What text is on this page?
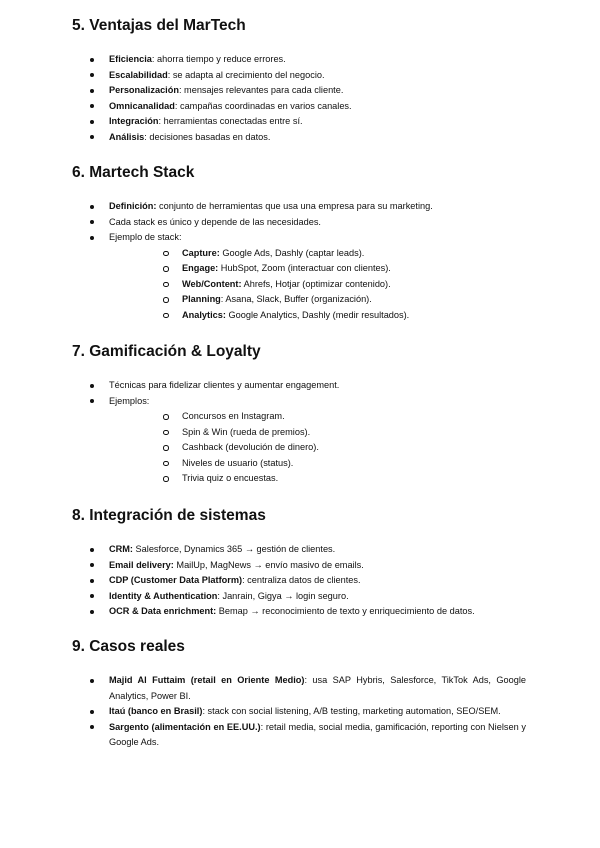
5. Ventajas del MarTech
Eficiencia: ahorra tiempo y reduce errores.
Escalabilidad: se adapta al crecimiento del negocio.
Personalización: mensajes relevantes para cada cliente.
Omnicanalidad: campañas coordinadas en varios canales.
Integración: herramientas conectadas entre sí.
Análisis: decisiones basadas en datos.
6. Martech Stack
Definición: conjunto de herramientas que usa una empresa para su marketing.
Cada stack es único y depende de las necesidades.
Ejemplo de stack:
Capture: Google Ads, Dashly (captar leads).
Engage: HubSpot, Zoom (interactuar con clientes).
Web/Content: Ahrefs, Hotjar (optimizar contenido).
Planning: Asana, Slack, Buffer (organización).
Analytics: Google Analytics, Dashly (medir resultados).
7. Gamificación & Loyalty
Técnicas para fidelizar clientes y aumentar engagement.
Ejemplos:
Concursos en Instagram.
Spin & Win (rueda de premios).
Cashback (devolución de dinero).
Niveles de usuario (status).
Trivia quiz o encuestas.
8. Integración de sistemas
CRM: Salesforce, Dynamics 365 → gestión de clientes.
Email delivery: MailUp, MagNews → envío masivo de emails.
CDP (Customer Data Platform): centraliza datos de clientes.
Identity & Authentication: Janrain, Gigya → login seguro.
OCR & Data enrichment: Bemap → reconocimiento de texto y enriquecimiento de datos.
9. Casos reales
Majid Al Futtaim (retail en Oriente Medio): usa SAP Hybris, Salesforce, TikTok Ads, Google Analytics, Power BI.
Itaú (banco en Brasil): stack con social listening, A/B testing, marketing automation, SEO/SEM.
Sargento (alimentación en EE.UU.): retail media, social media, gamificación, reporting con Nielsen y Google Ads.
